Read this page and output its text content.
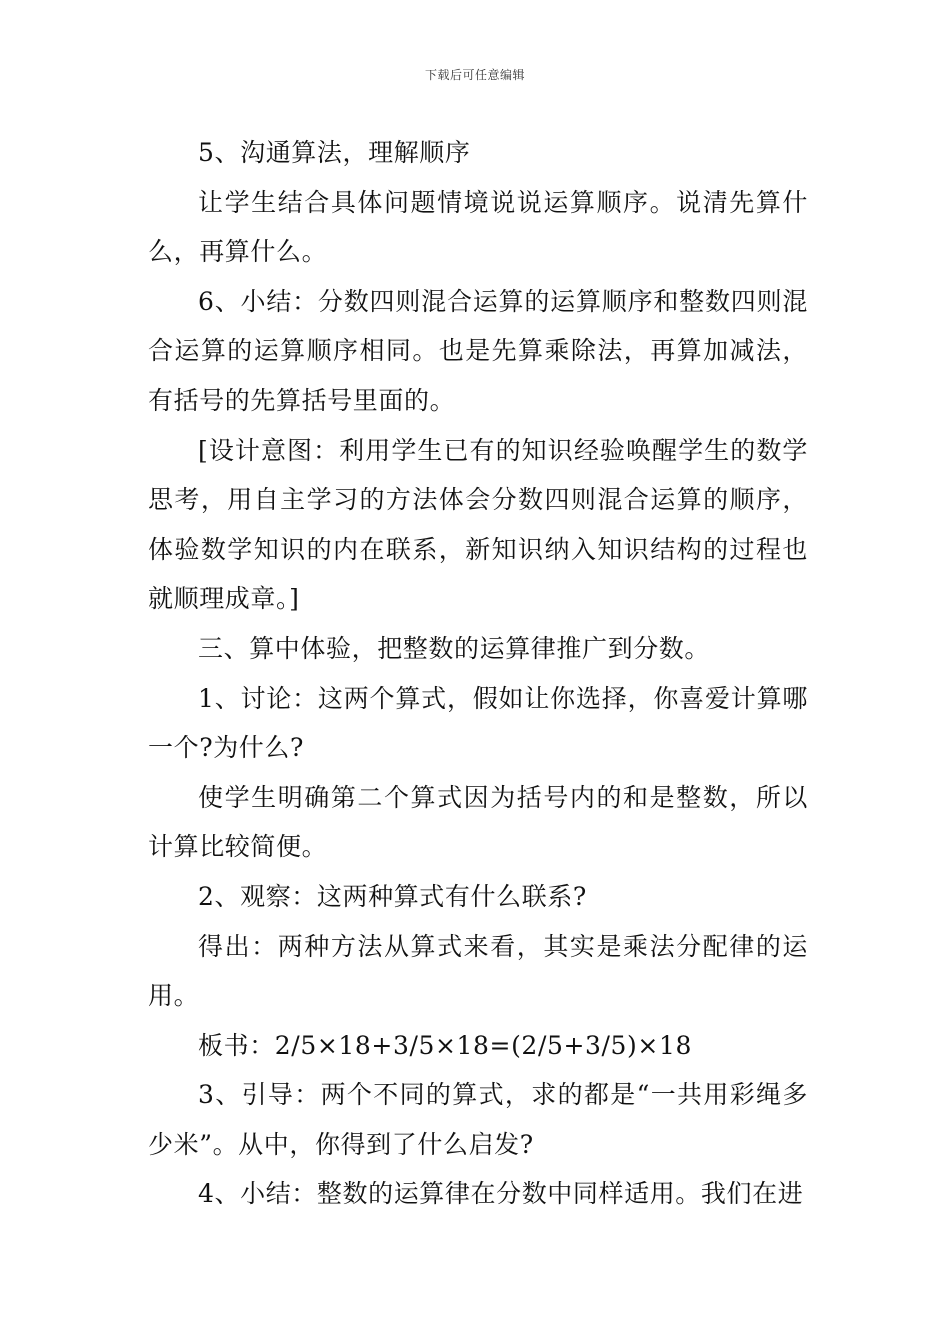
下载后可任意编辑

5、沟通算法，理解顺序

让学生结合具体问题情境说说运算顺序。说清先算什么，再算什么。

6、小结：分数四则混合运算的运算顺序和整数四则混合运算的运算顺序相同。也是先算乘除法，再算加减法，有括号的先算括号里面的。

[设计意图：利用学生已有的知识经验唤醒学生的数学思考，用自主学习的方法体会分数四则混合运算的顺序，体验数学知识的内在联系，新知识纳入知识结构的过程也就顺理成章。]

三、算中体验，把整数的运算律推广到分数。

1、讨论：这两个算式，假如让你选择，你喜爱计算哪一个?为什么?

使学生明确第二个算式因为括号内的和是整数，所以计算比较简便。

2、观察：这两种算式有什么联系?

得出：两种方法从算式来看，其实是乘法分配律的运用。

板书：2/5×18+3/5×18=(2/5+3/5)×18

3、引导：两个不同的算式，求的都是“一共用彩绳多少米”。从中，你得到了什么启发?

4、小结：整数的运算律在分数中同样适用。我们在进
